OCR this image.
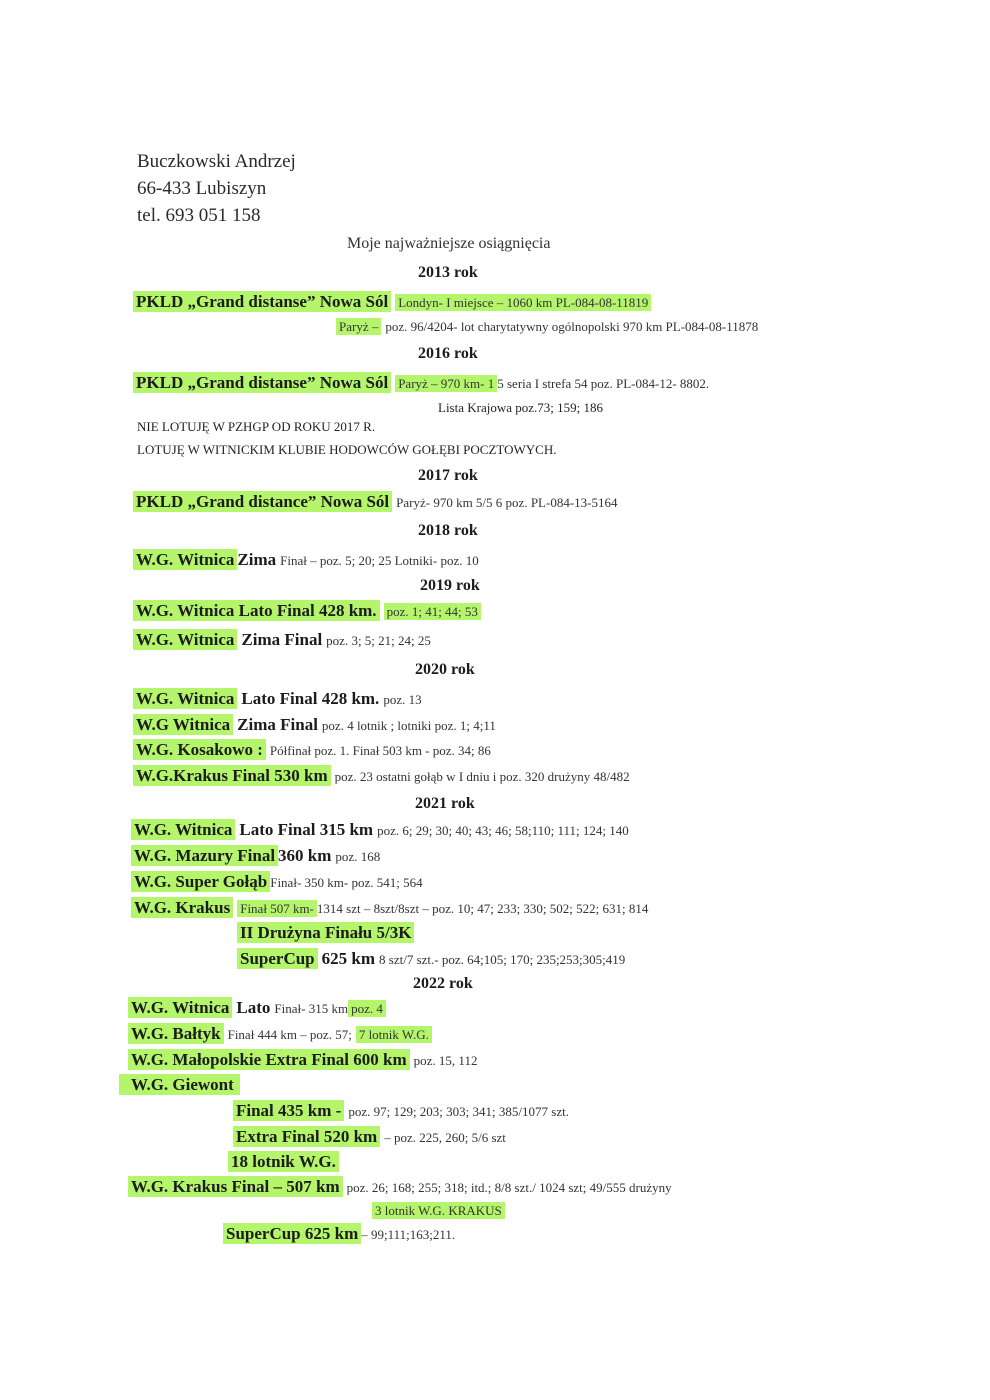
Buczkowski Andrzej
66-433 Lubiszyn
tel. 693 051 158
Moje najważniejsze osiągnięcia
2013 rok
PKLD „Grand distanse” Nowa Sól Londyn- I miejsce – 1060 km PL-084-08-11819
Paryż – poz. 96/4204- lot charytatywny ogólnopolski 970 km PL-084-08-11878
2016 rok
PKLD „Grand distanse” Nowa Sól Paryż – 970 km- 1 5 seria I strefa 54 poz. PL-084-12- 8802.
Lista Krajowa poz.73; 159; 186
NIE LOTUJĘ W PZHGP OD ROKU 2017 R.
LOTUJĘ W WITNICKIM KLUBIE HODOWCÓW GOŁĘBI POCZTOWYCH.
2017 rok
PKLD „Grand distance” Nowa Sól Paryż- 970 km 5/5 6 poz. PL-084-13-5164
2018 rok
W.G. Witnica Zima Finał – poz. 5; 20; 25 Lotniki- poz. 10
2019 rok
W.G. Witnica Lato Final 428 km. poz. 1; 41; 44; 53
W.G. Witnica Zima Final poz. 3; 5; 21; 24; 25
2020 rok
W.G. Witnica Lato Final 428 km. poz. 13
W.G Witnica Zima Final poz. 4 lotnik ; lotniki poz. 1; 4;11
W.G. Kosakowo : Półfinał poz. 1. Finał 503 km - poz. 34; 86
W.G.Krakus Final 530 km poz. 23 ostatni gołąb w I dniu i poz. 320 drużyny 48/482
2021 rok
W.G. Witnica Lato Final 315 km poz. 6; 29; 30; 40; 43; 46; 58;110; 111; 124; 140
W.G. Mazury Final 360 km poz. 168
W.G. Super Gołąb Finał- 350 km- poz. 541; 564
W.G. Krakus Finał 507 km- 1314 szt – 8szt/8szt – poz. 10; 47; 233; 330; 502; 522; 631; 814
II Drużyna Finału 5/3K
SuperCup 625 km 8 szt/7 szt.- poz. 64;105; 170; 235;253;305;419
2022 rok
W.G. Witnica Lato Finał- 315 km poz. 4
W.G. Bałtyk Finał 444 km – poz. 57; 7 lotnik W.G.
W.G. Małopolskie Extra Final 600 km poz. 15, 112
W.G. Giewont
Final 435 km - poz. 97; 129; 203; 303; 341; 385/1077 szt.
Extra Final 520 km – poz. 225, 260; 5/6 szt
18 lotnik W.G.
W.G. Krakus Final – 507 km poz. 26; 168; 255; 318; itd.; 8/8 szt./ 1024 szt; 49/555 drużyny
3 lotnik W.G. KRAKUS
SuperCup 625 km – 99;111;163;211.
